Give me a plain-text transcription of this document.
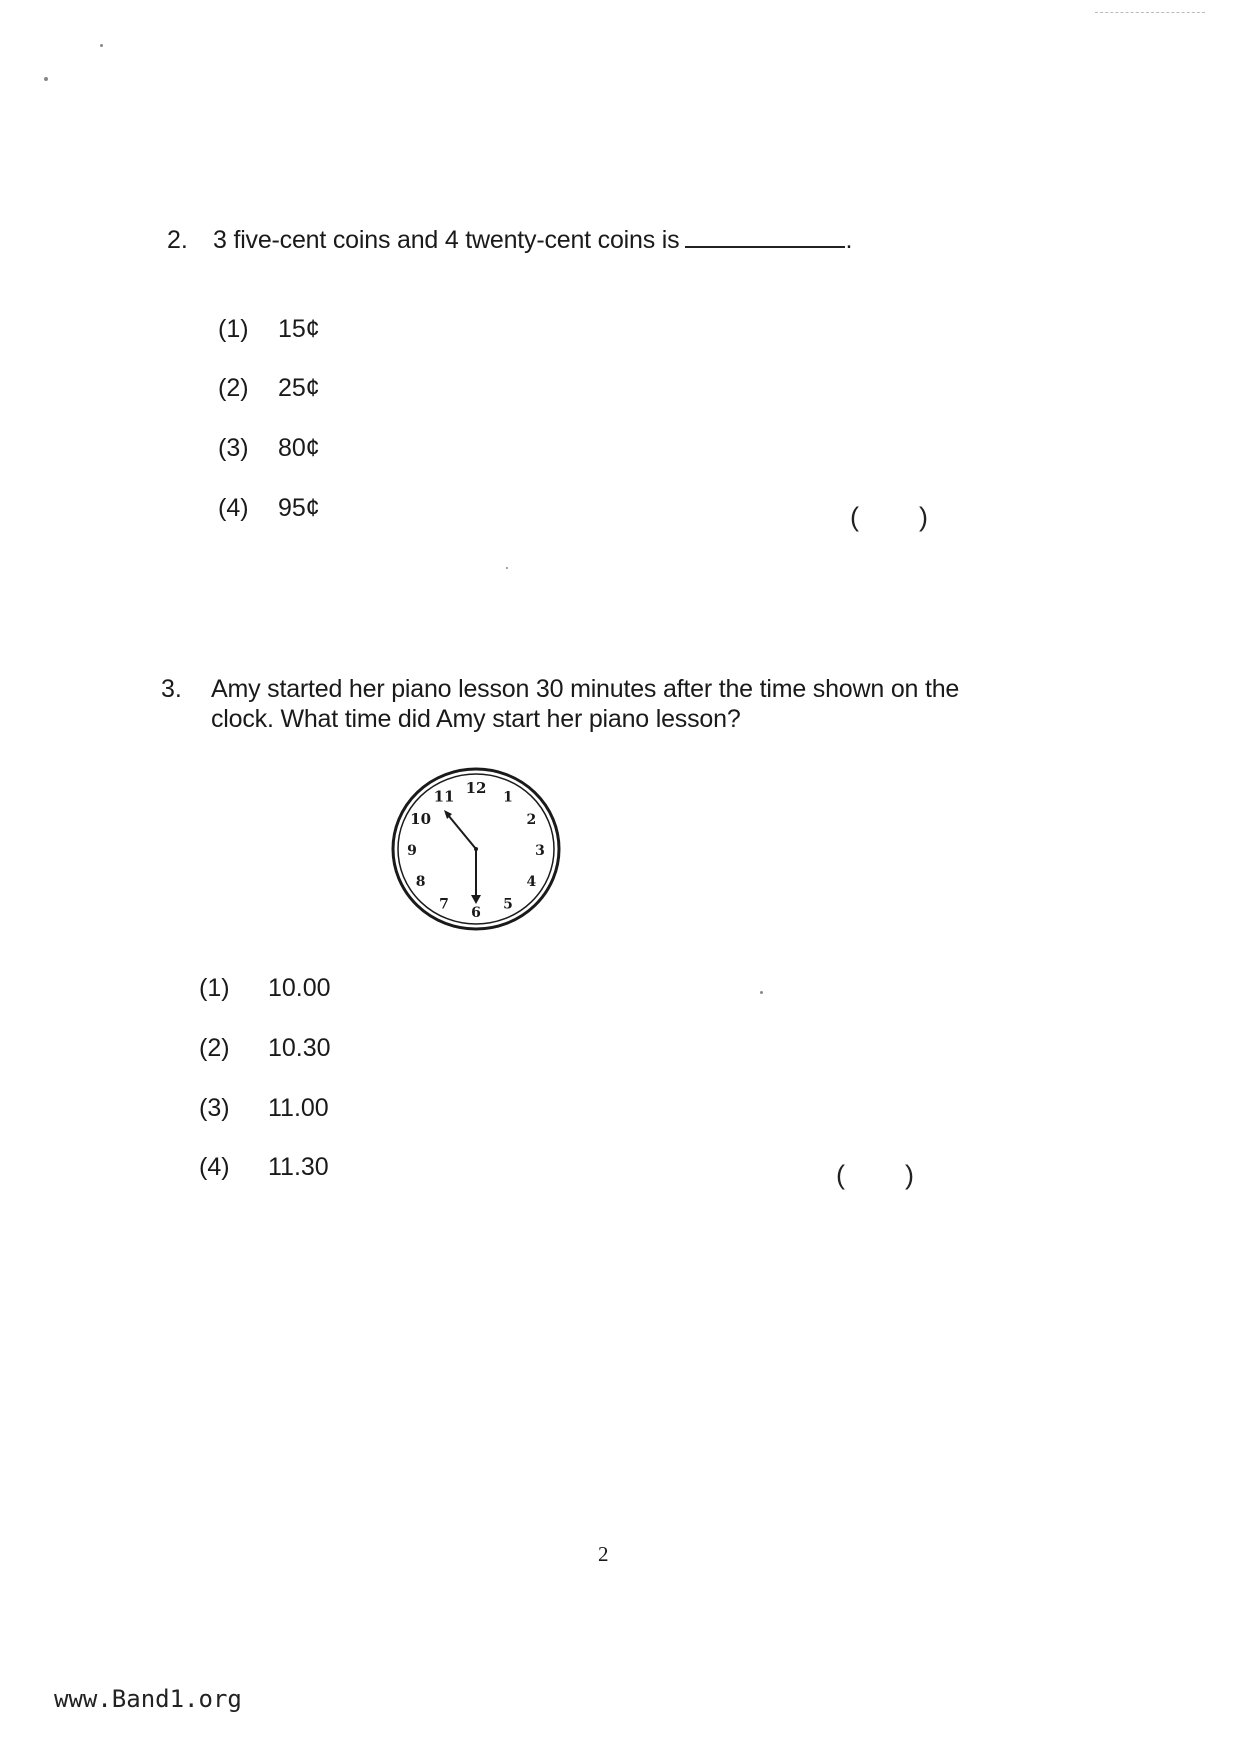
2. 3 five-cent coins and 4 twenty-cent coins is	.
(1)	15¢
(2)	25¢
(3)	80¢
(4)	95¢	(        )
3. Amy started her piano lesson 30 minutes after the time shown on the
clock. What time did Amy start her piano lesson?
12
1
2
3
4
5
6
7
8
9
10
11
(1)	10.00
(2)	10.30
(3)	11.00
(4)	11.30	(        )
2
www.Band1.org
